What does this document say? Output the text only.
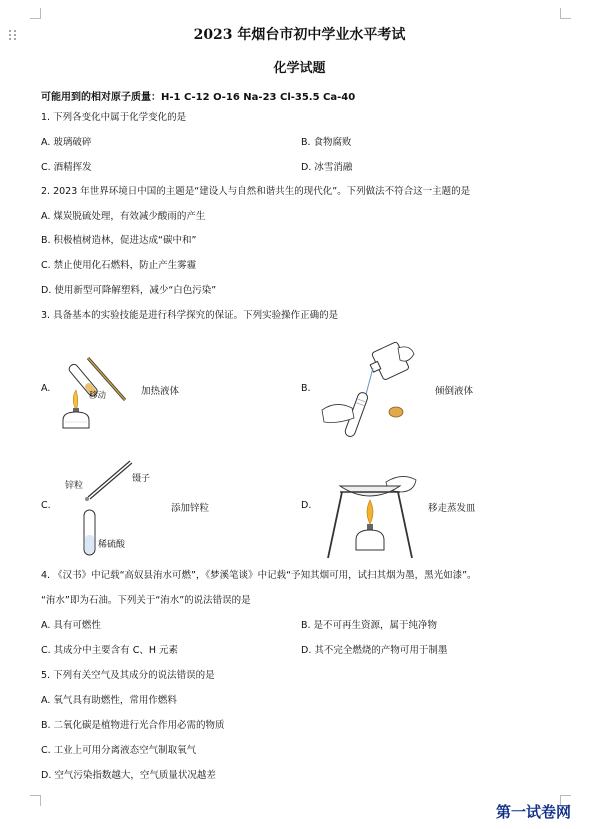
2023 年烟台市初中学业水平考试
化学试题
可能用到的相对原子质量：H-1 C-12 O-16 Na-23 Cl-35.5 Ca-40
1. 下列各变化中属于化学变化的是
A. 玻璃破碎	B. 食物腐败
C. 酒精挥发	D. 冰雪消融
2. 2023 年世界环境日中国的主题是“建设人与自然和谐共生的现代化”。下列做法不符合这一主题的是
A. 煤炭脱硫处理，有效减少酸雨的产生
B. 积极植树造林，促进达成“碳中和”
C. 禁止使用化石燃料，防止产生雾霾
D. 使用新型可降解塑料，减少“白色污染”
3. 具备基本的实验技能是进行科学探究的保证。下列实验操作正确的是
A.
移动	加热液体	B.	倾倒液体
C.
锌粒
镊子
稀硫酸
添加锌粒	D.	移走蒸发皿
4. 《汉书》中记载“高奴县洧水可燃”，《梦溪笔谈》中记载“予知其烟可用，试扫其烟为墨，黑光如漆”。
“洧水”即为石油。下列关于“洧水”的说法错误的是
A. 具有可燃性	B. 是不可再生资源，属于纯净物
C. 其成分中主要含有 C、H 元素	D. 其不完全燃烧的产物可用于制墨
5. 下列有关空气及其成分的说法错误的是
A. 氧气具有助燃性，常用作燃料
B. 二氧化碳是植物进行光合作用必需的物质
C. 工业上可用分离液态空气制取氧气
D. 空气污染指数越大，空气质量状况越差
第一试卷网
